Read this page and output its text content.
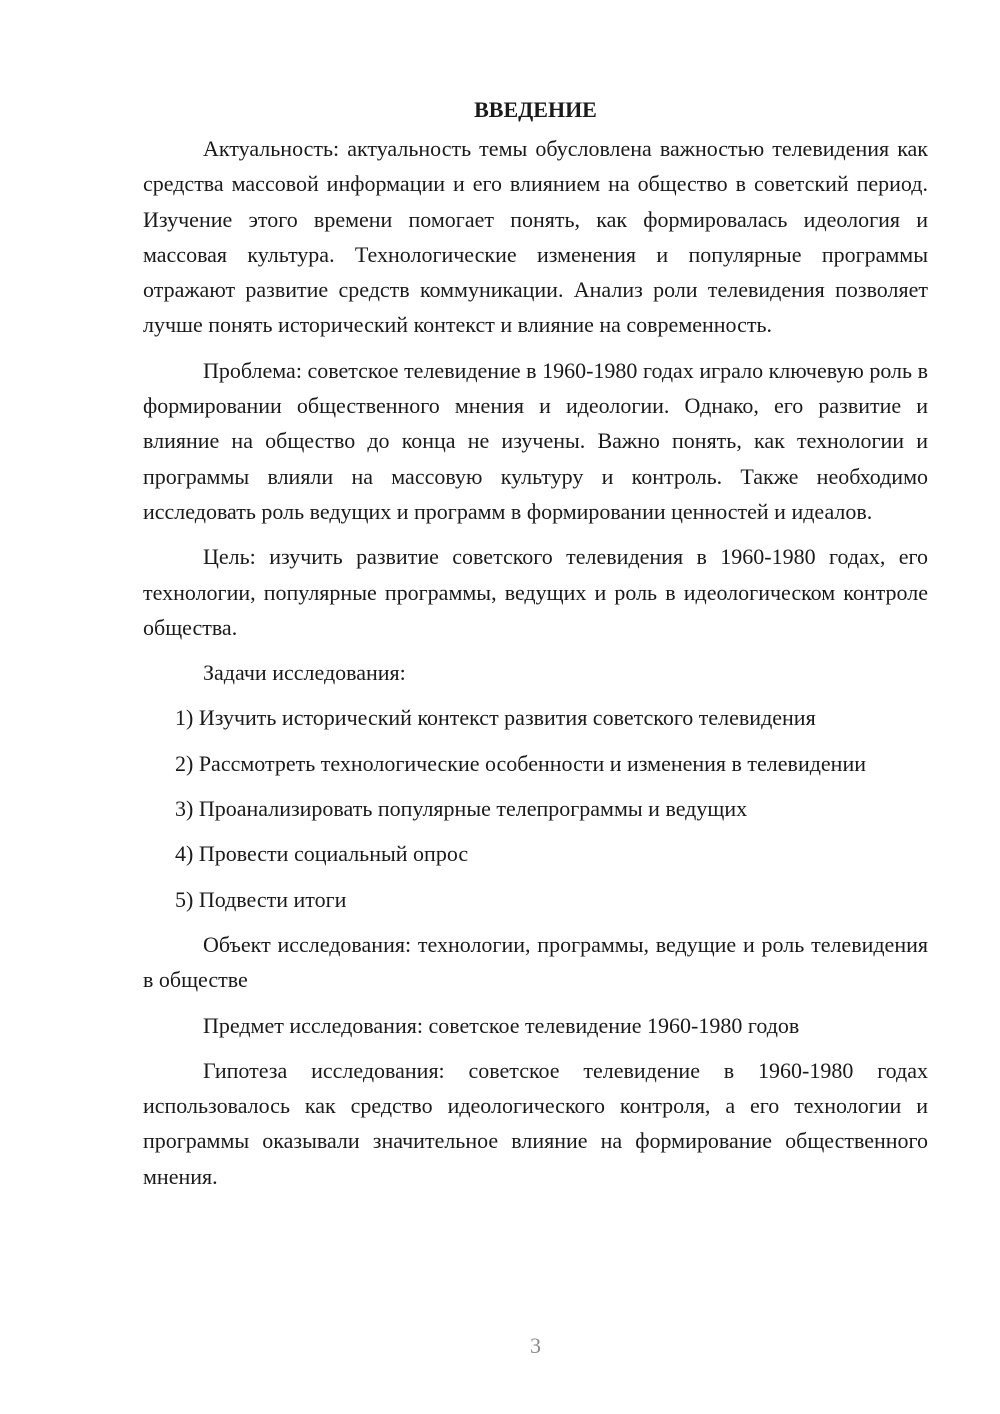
ВВЕДЕНИЕ

Актуальность: актуальность темы обусловлена важностью телевидения как средства массовой информации и его влиянием на общество в советский период. Изучение этого времени помогает понять, как формировалась идеология и массовая культура. Технологические изменения и популярные программы отражают развитие средств коммуникации. Анализ роли телевидения позволяет лучше понять исторический контекст и влияние на современность.

Проблема: советское телевидение в 1960-1980 годах играло ключевую роль в формировании общественного мнения и идеологии. Однако, его развитие и влияние на общество до конца не изучены. Важно понять, как технологии и программы влияли на массовую культуру и контроль. Также необходимо исследовать роль ведущих и программ в формировании ценностей и идеалов.

Цель: изучить развитие советского телевидения в 1960-1980 годах, его технологии, популярные программы, ведущих и роль в идеологическом контроле общества.

Задачи исследования:

1) Изучить исторический контекст развития советского телевидения

2) Рассмотреть технологические особенности и изменения в телевидении

3) Проанализировать популярные телепрограммы и ведущих

4) Провести социальный опрос

5) Подвести итоги

Объект исследования: технологии, программы, ведущие и роль телевидения в обществе

Предмет исследования: советское телевидение 1960-1980 годов

Гипотеза исследования: советское телевидение в 1960-1980 годах использовалось как средство идеологического контроля, а его технологии и программы оказывали значительное влияние на формирование общественного мнения.

3
